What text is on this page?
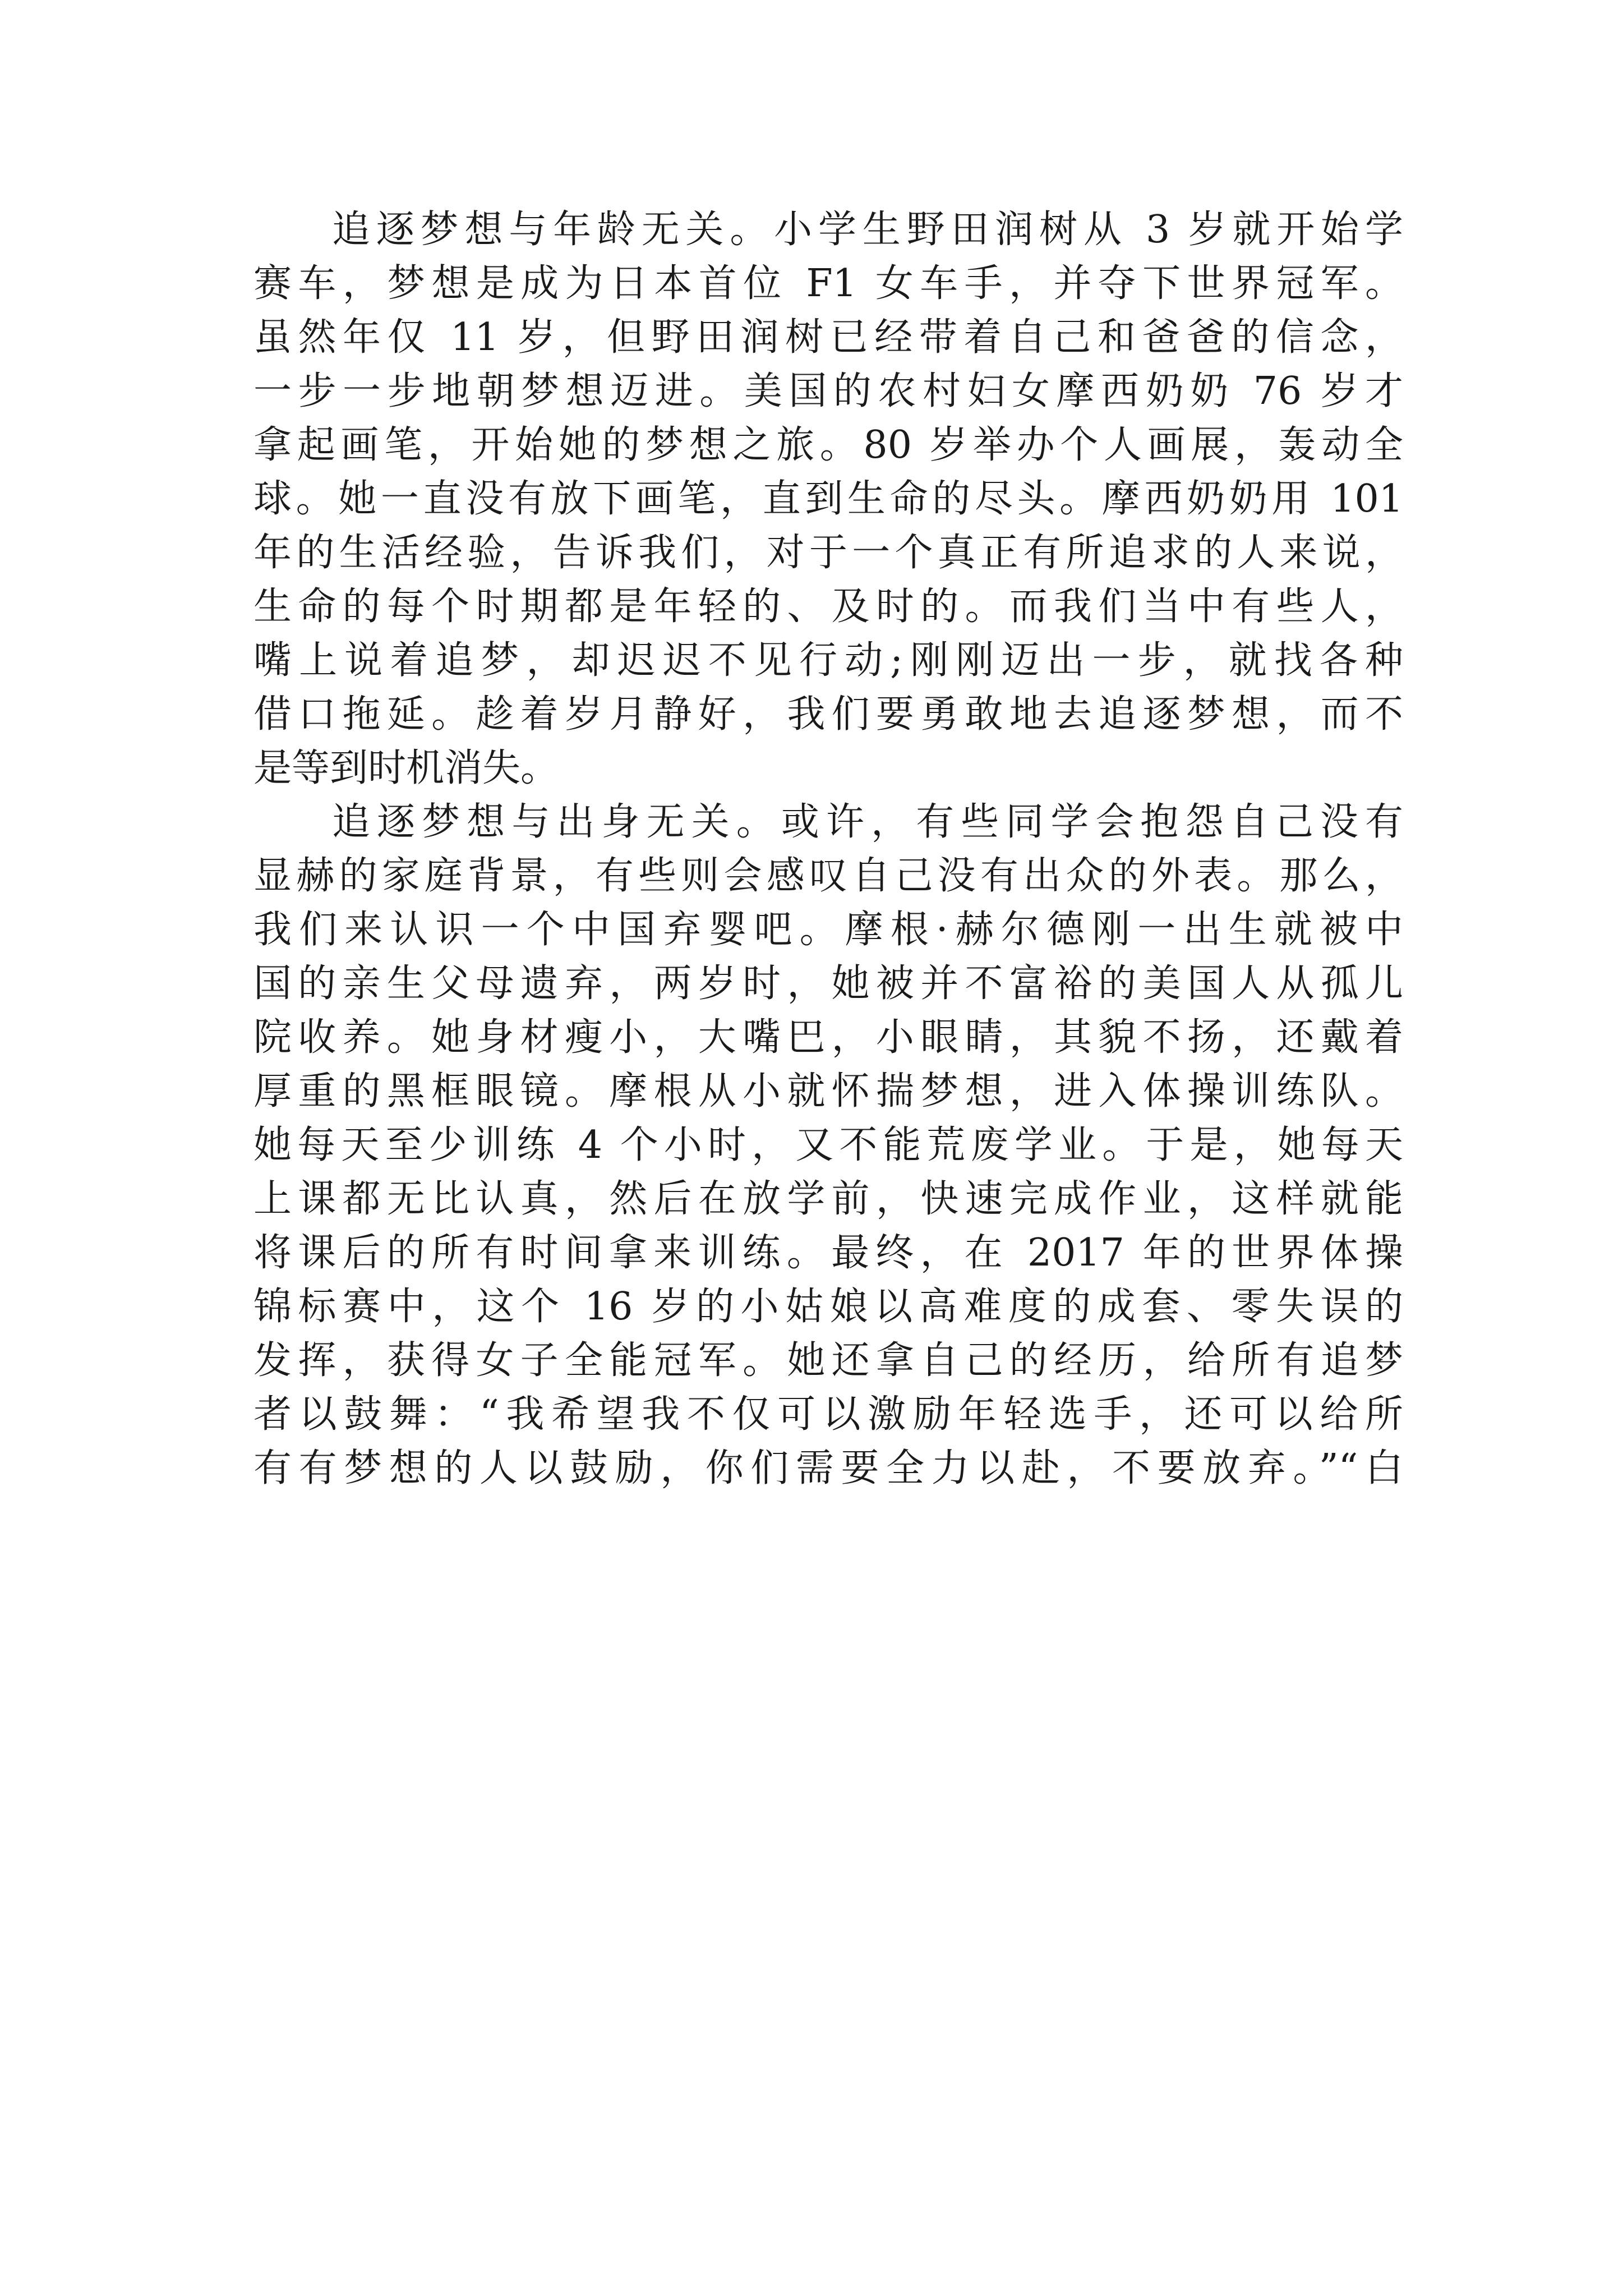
追逐梦想与年龄无关。小学生野田润树从 3 岁就开始学
赛车，梦想是成为日本首位 F1 女车手，并夺下世界冠军。
虽然年仅 11 岁，但野田润树已经带着自己和爸爸的信念，
一步一步地朝梦想迈进。美国的农村妇女摩西奶奶 76 岁才
拿起画笔，开始她的梦想之旅。80 岁举办个人画展，轰动全
球。她一直没有放下画笔，直到生命的尽头。摩西奶奶用 101
年的生活经验，告诉我们，对于一个真正有所追求的人来说，
生命的每个时期都是年轻的、及时的。而我们当中有些人，
嘴上说着追梦，却迟迟不见行动;刚刚迈出一步，就找各种
借口拖延。趁着岁月静好，我们要勇敢地去追逐梦想，而不
是等到时机消失。
追逐梦想与出身无关。或许，有些同学会抱怨自己没有
显赫的家庭背景，有些则会感叹自己没有出众的外表。那么，
我们来认识一个中国弃婴吧。摩根·赫尔德刚一出生就被中
国的亲生父母遗弃，两岁时，她被并不富裕的美国人从孤儿
院收养。她身材瘦小，大嘴巴，小眼睛，其貌不扬，还戴着
厚重的黑框眼镜。摩根从小就怀揣梦想，进入体操训练队。
她每天至少训练 4 个小时，又不能荒废学业。于是，她每天
上课都无比认真，然后在放学前，快速完成作业，这样就能
将课后的所有时间拿来训练。最终，在 2017 年的世界体操
锦标赛中，这个 16 岁的小姑娘以高难度的成套、零失误的
发挥，获得女子全能冠军。她还拿自己的经历，给所有追梦
者以鼓舞：“我希望我不仅可以激励年轻选手，还可以给所
有有梦想的人以鼓励，你们需要全力以赴，不要放弃。”“白
